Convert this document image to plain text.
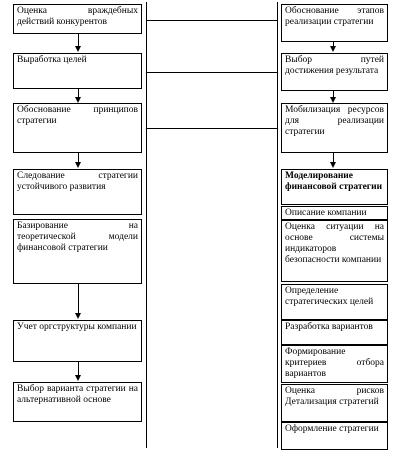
Оценка враждебных действий конкурентов
Выработка целей
Обоснование принципов стратегии
Следование стратегии устойчивого развития
Базирование на теоретической модели финансовой стратегии
Учет оргструктуры компании
Выбор варианта стратегии на альтернативной основе
Обоснование этапов реализации стратегии
Выбор путей достижения результата
Мобилизация ресурсов для реализации стратегии
Моделирование финансовой стратегии
Описание компании
Оценка ситуации на основе системы индикаторов безопасности компании
Определение стратегических целей
Разработка вариантов
Формирование критериев отбора вариантов
Оценка рисков Детализация стратегий
Оформление стратегии
